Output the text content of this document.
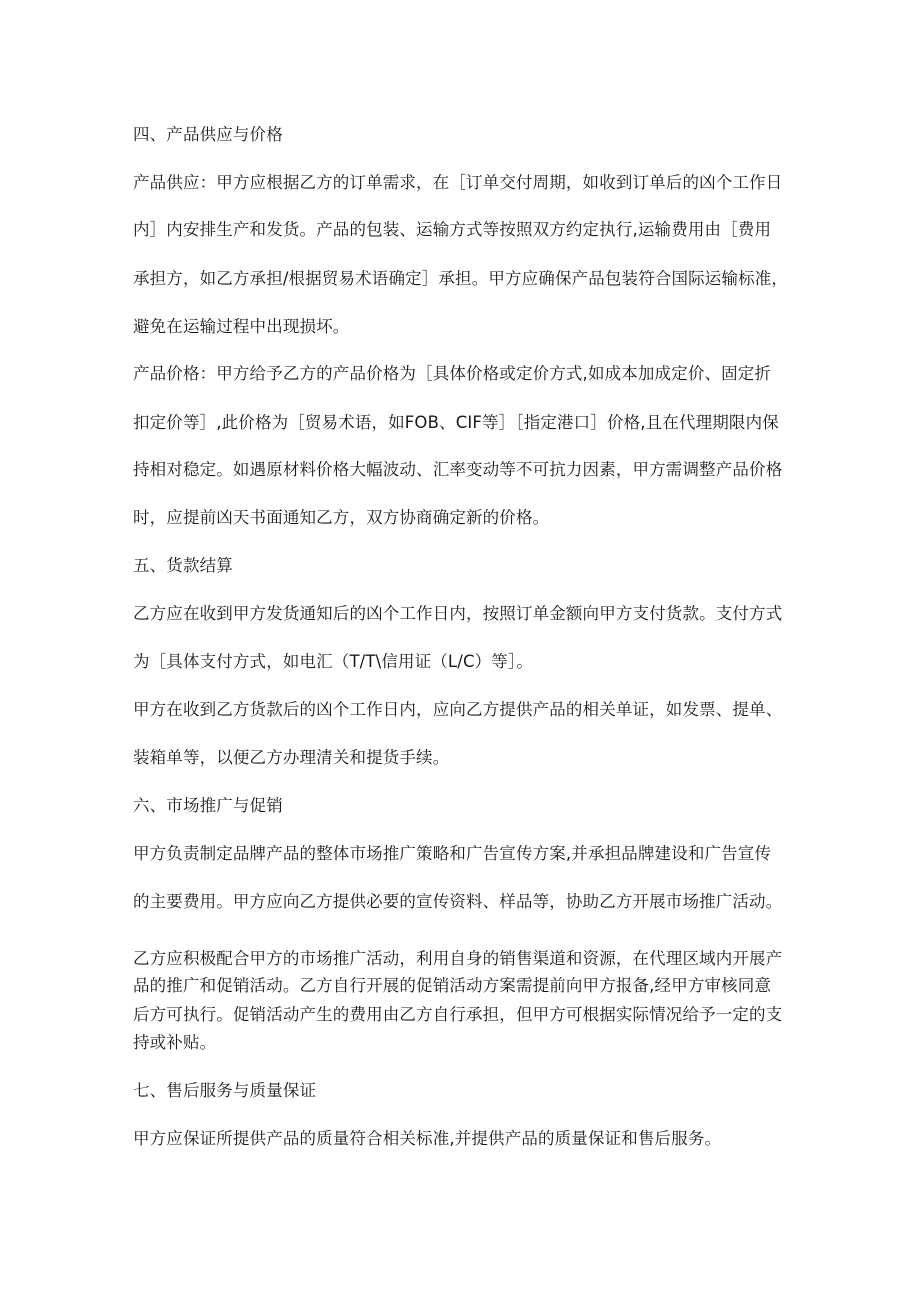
四、产品供应与价格
产品供应：甲方应根据乙方的订单需求，在［订单交付周期，如收到订单后的凶个工作日
内］内安排生产和发货。产品的包装、运输方式等按照双方约定执行,运输费用由［费用
承担方，如乙方承担/根据贸易术语确定］承担。甲方应确保产品包装符合国际运输标准，
避免在运输过程中出现损坏。
产品价格：甲方给予乙方的产品价格为［具体价格或定价方式,如成本加成定价、固定折
扣定价等］,此价格为［贸易术语，如FOB、CIF等］［指定港口］价格,且在代理期限内保
持相对稳定。如遇原材料价格大幅波动、汇率变动等不可抗力因素，甲方需调整产品价格
时，应提前凶天书面通知乙方，双方协商确定新的价格。
五、货款结算
乙方应在收到甲方发货通知后的凶个工作日内，按照订单金额向甲方支付货款。支付方式
为［具体支付方式，如电汇（T/T\信用证（L/C）等］。
甲方在收到乙方货款后的凶个工作日内，应向乙方提供产品的相关单证，如发票、提单、
装箱单等，以便乙方办理清关和提货手续。
六、市场推广与促销
甲方负责制定品牌产品的整体市场推广策略和广告宣传方案,并承担品牌建设和广告宣传
的主要费用。甲方应向乙方提供必要的宣传资料、样品等，协助乙方开展市场推广活动。
乙方应积极配合甲方的市场推广活动，利用自身的销售渠道和资源，在代理区域内开展产
品的推广和促销活动。乙方自行开展的促销活动方案需提前向甲方报备,经甲方审核同意
后方可执行。促销活动产生的费用由乙方自行承担，但甲方可根据实际情况给予一定的支
持或补贴。
七、售后服务与质量保证
甲方应保证所提供产品的质量符合相关标准,并提供产品的质量保证和售后服务。
